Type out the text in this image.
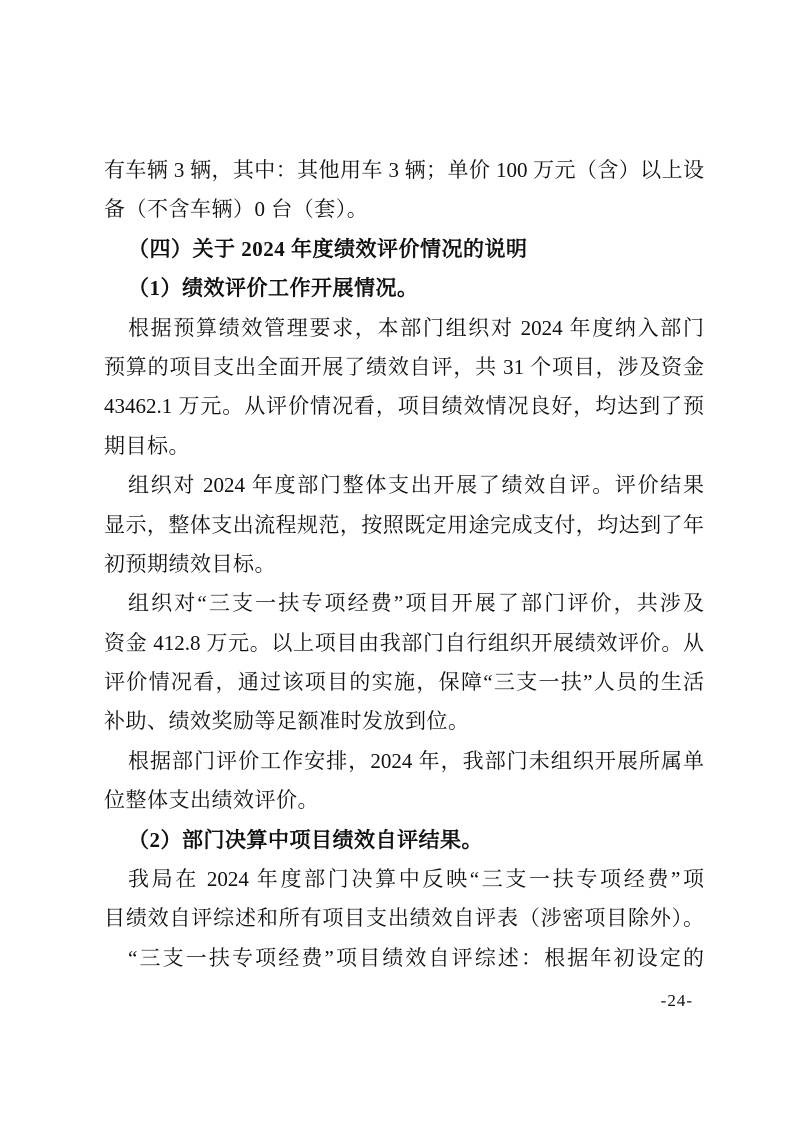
有车辆 3 辆，其中：其他用车 3 辆；单价 100 万元（含）以上设
备（不含车辆）0 台（套）。
（四）关于 2024 年度绩效评价情况的说明
（1）绩效评价工作开展情况。
根据预算绩效管理要求，本部门组织对 2024 年度纳入部门
预算的项目支出全面开展了绩效自评，共 31 个项目，涉及资金
43462.1 万元。从评价情况看，项目绩效情况良好，均达到了预
期目标。
组织对 2024 年度部门整体支出开展了绩效自评。评价结果
显示，整体支出流程规范，按照既定用途完成支付，均达到了年
初预期绩效目标。
组织对“三支一扶专项经费”项目开展了部门评价，共涉及
资金 412.8 万元。以上项目由我部门自行组织开展绩效评价。从
评价情况看，通过该项目的实施，保障“三支一扶”人员的生活
补助、绩效奖励等足额准时发放到位。
根据部门评价工作安排，2024 年，我部门未组织开展所属单
位整体支出绩效评价。
（2）部门决算中项目绩效自评结果。
我局在 2024 年度部门决算中反映“三支一扶专项经费”项
目绩效自评综述和所有项目支出绩效自评表（涉密项目除外）。
“三支一扶专项经费”项目绩效自评综述：根据年初设定的
-24-
